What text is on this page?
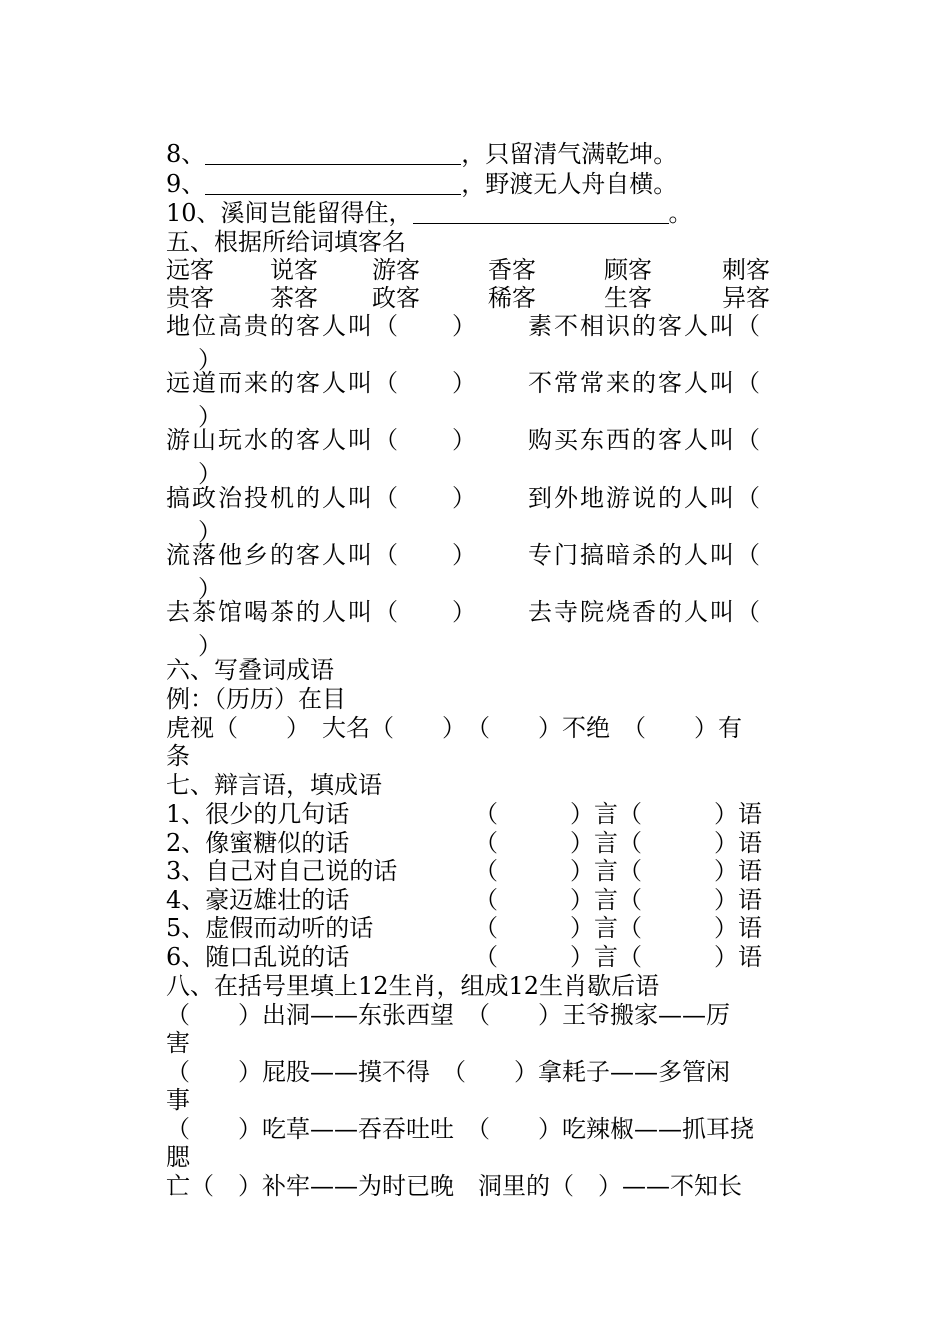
8、	，只留清气满乾坤。
9、	，野渡无人舟自横。
10、溪间岂能留得住，	。
五、根据所给词填客名
远客 说客 游客	香客	顾客	刺客
贵客 茶客 政客	稀客	生客	异客
地位高贵的客人叫（　　） 素不相识的客人叫（
）
远道而来的客人叫（　　） 不常常来的客人叫（
）
游山玩水的客人叫（　　） 购买东西的客人叫（
）
搞政治投机的人叫（　　） 到外地游说的人叫（
）
流落他乡的客人叫（　　） 专门搞暗杀的人叫（
）
去茶馆喝茶的人叫（　　） 去寺院烧香的人叫（
）
六、写叠词成语
例：（历历）在目
虎视（　　）　大名（　　）　（　　）不绝　（　　）有
条
七、辩言语，填成语
1、很少的几句话	（　　　）言（　　　）语
2、像蜜糖似的话	（　　　）言（　　　）语
3、自己对自己说的话	（　　　）言（　　　）语
4、豪迈雄壮的话	（　　　）言（　　　）语
5、虚假而动听的话	（　　　）言（　　　）语
6、随口乱说的话	（　　　）言（　　　）语
八、在括号里填上12生肖，组成12生肖歇后语
（　　）出洞——东张西望　（　　）王爷搬家——厉
害
（　　）屁股——摸不得　（　　）拿耗子——多管闲
事
（　　）吃草——吞吞吐吐　（　　）吃辣椒——抓耳挠
腮
亡（　）补牢——为时已晚　洞里的（　）——不知长
